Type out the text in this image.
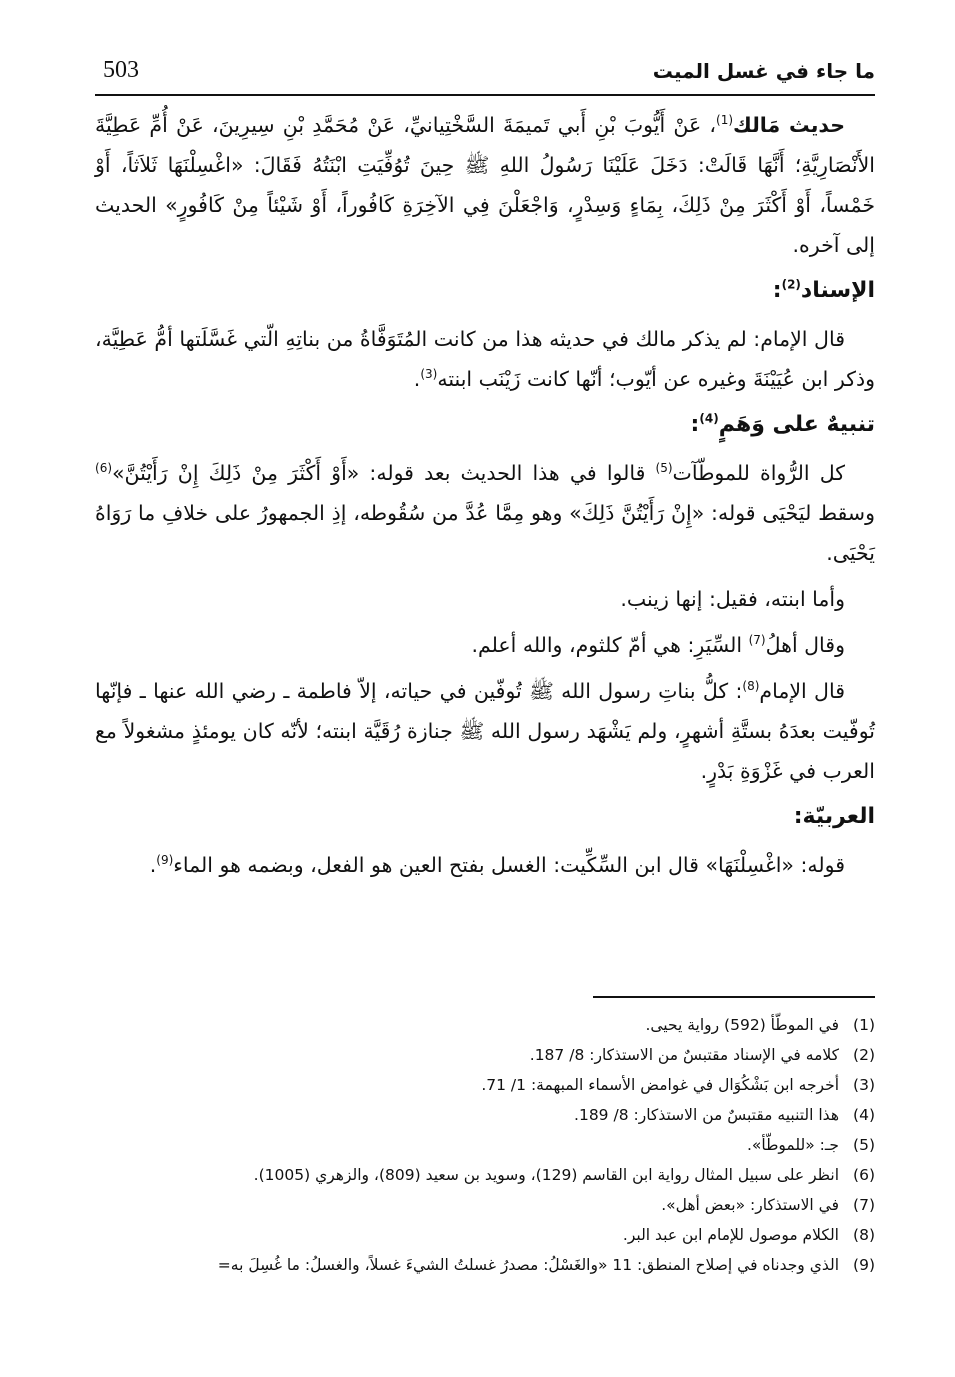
503	ما جاء في غسل الميت

حديث مَالك$^{(1)}$، عَنْ أَيُّوبَ بْنِ أَبي تَميمَةَ السَّخْتِيانيِّ، عَنْ مُحَمَّدِ بْنِ سِيرِينَ، عَنْ أُمِّ عَطِيَّةَ الأَنْصَارِيَّةِ؛ أَنَّهَا قَالَتْ: دَخَلَ عَلَيْنَا رَسُولُ اللهِ ﷺ حِينَ تُوُفِّيَتِ ابْنَتُهُ فَقَالَ: «اغْسِلْنَهَا ثَلاَثاً، أَوْ خَمْساً، أَوْ أَكْثَرَ مِنْ ذَلِكَ، بِمَاءٍ وَسِدْرٍ، وَاجْعَلْنَ فِي الآخِرَةِ كَافُوراً، أَوْ شَيْئاً مِنْ كَافُورٍ» الحديث إلى آخره.

الإسناد$^{(2)}$:

قال الإمام: لم يذكر مالك في حديثه هذا من كانت المُتَوَفَّاةُ من بناتِهِ الّتي غَسَّلَتها أمُّ عَطِيَّة، وذكر ابن عُيَيْنَةَ وغيره عن أيّوب؛ أنّها كانت زَيْنَب ابنته$^{(3)}$.

تنبيهٌ على وَهَمٍ$^{(4)}$:

كل الرُّواة للموطّآت$^{(5)}$ قالوا في هذا الحديث بعد قوله: «أَوْ أَكْثَرَ مِنْ ذَلِكَ إِنْ رَأَيْتُنَّ»$^{(6)}$ وسقط ليَحْيَى قوله: «إِنْ رَأَيْتُنَّ ذَلِكَ» وهو مِمَّا عُدَّ من سُقُوطه، إذِ الجمهورُ على خلافِ ما رَوَاهُ يَحْيَى.

وأما ابنته، فقيل: إنها زينب.

وقال أهلُ$^{(7)}$ السِّيَرِ: هي أمّ كلثوم، والله أعلم.

قال الإمام$^{(8)}$: كلُّ بناتِ رسول الله ﷺ تُوفّين في حياته، إلاّ فاطمة ـ رضي الله عنها ـ فإنّها تُوفّيت بعدَهُ بستَّةِ أشهرٍ، ولم يَشْهَد رسول الله ﷺ جنازة رُقَيَّة ابنته؛ لأنّه كان يومئذٍ مشغولاً مع العرب في غَزْوَةِ بَدْرٍ.

العربيّة:

قوله: «اغْسِلْنَهَا» قال ابن السِّكِّيت: الغسل بفتح العين هو الفعل، وبضمه هو الماء$^{(9)}$.

(1)
في الموطّأ (592) رواية يحيى.
(2)
كلامه في الإسناد مقتبسٌ من الاستذكار: 8/ 187.
(3)
أخرجه ابن بَشْكُوَال في غوامض الأسماء المبهمة: 1/ 71.
(4)
هذا التنبيه مقتبسٌ من الاستذكار: 8/ 189.
(5)
جـ: «للموطّأ».
(6)
انظر على سبيل المثال رواية ابن القاسم (129)، وسويد بن سعيد (809)، والزهري (1005).
(7)
في الاستذكار: «بعض أهل».
(8)
الكلام موصول للإمام ابن عبد البر.
(9)
الذي وجدناه في إصلاح المنطق: 11 «والغَسْلُ: مصدرُ غسلتُ الشيءَ غسلاً، والغسلُ: ما غُسِلَ به=
